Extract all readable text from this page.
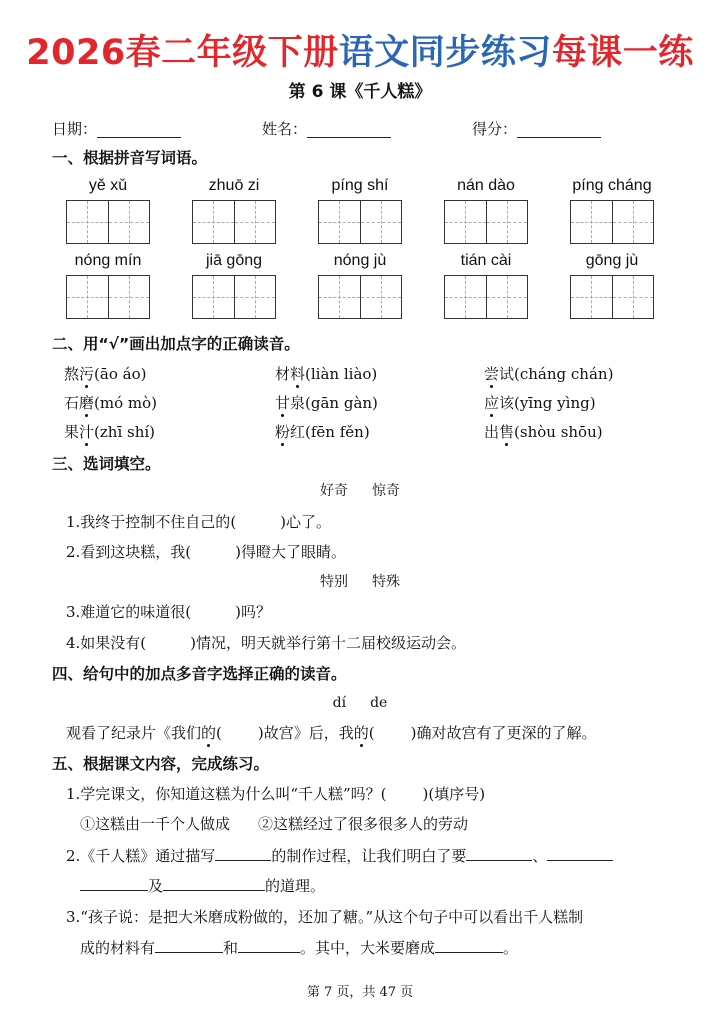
2026春二年级下册语文同步练习每课一练
第 6 课《千人糕》
日期：	姓名：	得分：
一、根据拼音写词语。
yě xǔ	zhuō zi	píng shí	nán dào	píng cháng
nóng mín	jiā gōng	nóng jù	tián cài	gōng jù
二、用“√”画出加点字的正确读音。
熬污(āo áo)	材料(liàn liào)	尝试(cháng chán)
石磨(mó mò)	甘泉(gān gàn)	应该(yīng yìng)
果汁(zhī shí)	粉红(fēn fěn)	出售(shòu shōu)
三、选词填空。
好奇 惊奇
1.我终于控制不住自己的(	)心了。
2.看到这块糕，我(	)得瞪大了眼睛。
特别 特殊
3.难道它的味道很(	)吗？
4.如果没有(	)情况，明天就举行第十二届校级运动会。
四、给句中的加点多音字选择正确的读音。
dí de
观看了纪录片《我们的( )故宫》后，我的( )确对故宫有了更深的了解。
五、根据课文内容，完成练习。
1.学完课文，你知道这糕为什么叫“千人糕”吗？( )(填序号)
①这糕由一千个人做成 ②这糕经过了很多很多人的劳动
2.《千人糕》通过描写	的制作过程，让我们明白了要	、
及	的道理。
3.“孩子说：是把大米磨成粉做的，还加了糖。”从这个句子中可以看出千人糕制
成的材料有	和	。其中，大米要磨成	。
第 7 页，共 47 页
